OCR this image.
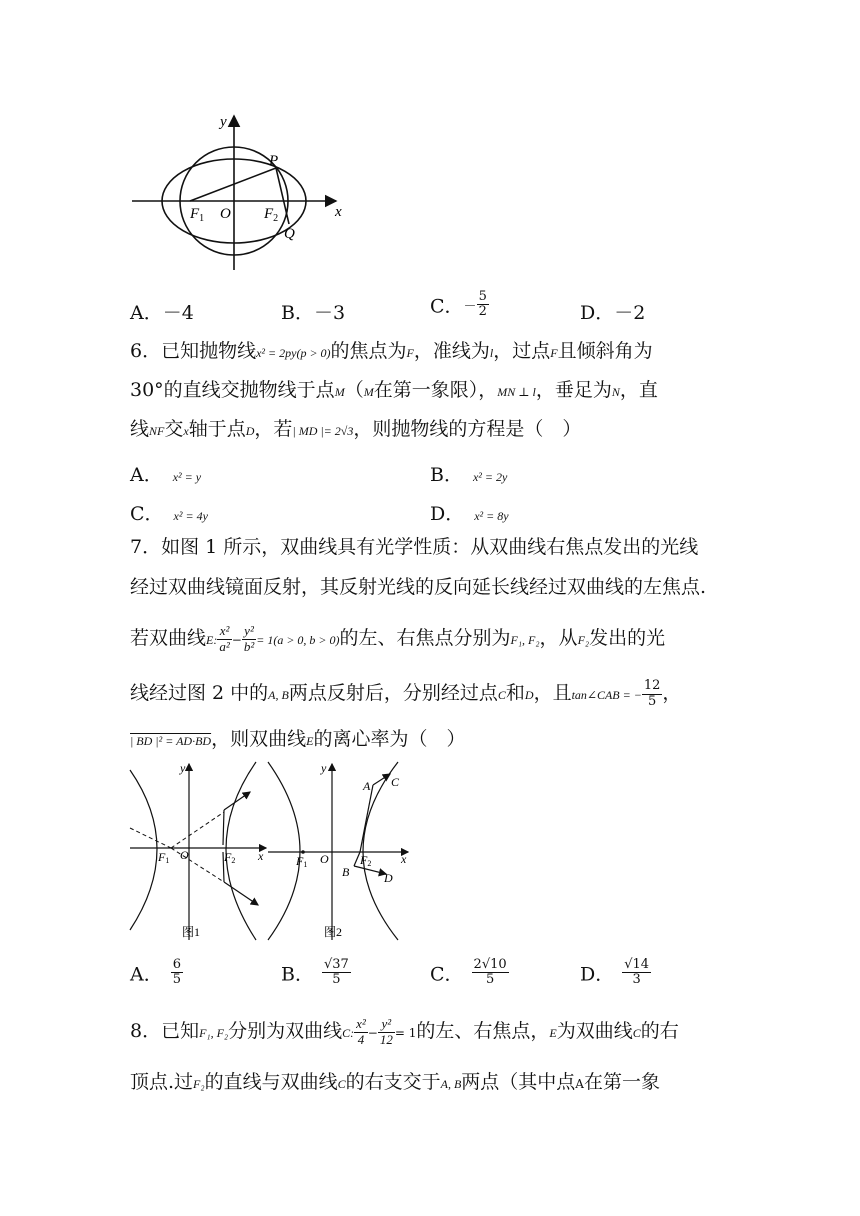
y
x
P
Q
O
$F_1$	$F_2$
A．－4	B．－3	C．－ $\frac{5}{2}$	D．－2
6．已知抛物线x² = 2py(p > 0)的焦点为F，准线为l，过点F且倾斜角为
30°的直线交抛物线于点M（M在第一象限），MN ⊥ l，垂足为N，直
线NF交x轴于点D，若| MD |= 2√3，则抛物线的方程是（　）
A． x² = y	B． x² = 2y
C． x² = 4y	D． x² = 8y
7．如图 1 所示，双曲线具有光学性质：从双曲线右焦点发出的光线
经过双曲线镜面反射，其反射光线的反向延长线经过双曲线的左焦点.
若双曲线E: $\frac{\text{x²}}{\text{a²}} - \frac{\text{y²}}{\text{b²}} = 1(a > 0$, b > 0)的左、右焦点分别为F₁, F₂，从F₂发出的光
线经过图 2 中的A, B两点反射后，分别经过点C和D，且tan∠CAB = − $\frac{12}{5}$ ，
| BD |² = AD·BD，则双曲线E的离心率为（　）
y
x
O
F1	F2
图1
y
x
O
F1	F2
A C
B	D
图2
A． $\frac{6}{5}$	B． $\frac{√37}{5}$	C． $\frac{2√10}{5}$	D． $\frac{√14}{3}$
8．已知F₁, F₂分别为双曲线C: $\frac{\text{x²}}{4} - \frac{\text{y²}}{12} = 1$的左、右焦点，E为双曲线C的右
顶点.过F₂的直线与双曲线C的右支交于A, B两点（其中点A在第一象
